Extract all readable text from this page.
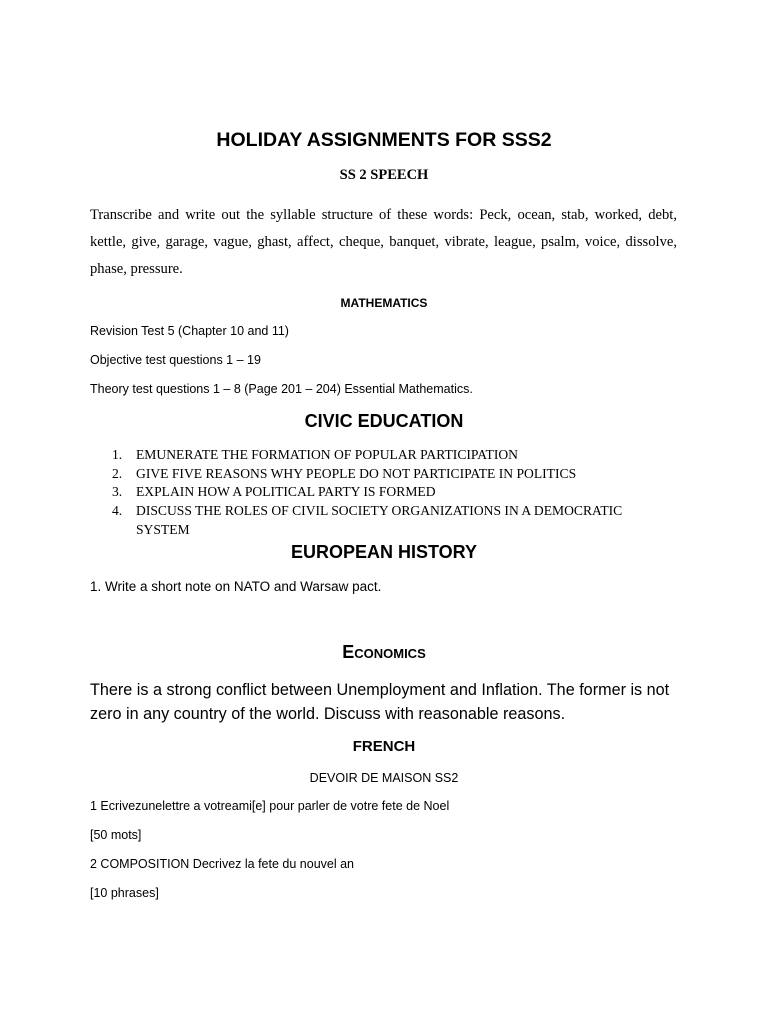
HOLIDAY ASSIGNMENTS FOR SSS2
SS 2 SPEECH
Transcribe and write out the syllable structure of these words: Peck, ocean, stab, worked, debt, kettle, give, garage, vague, ghast, affect, cheque, banquet, vibrate, league, psalm, voice, dissolve, phase, pressure.
MATHEMATICS
Revision Test 5 (Chapter 10 and 11)
Objective test questions 1 – 19
Theory test questions 1 – 8 (Page 201 – 204) Essential Mathematics.
CIVIC EDUCATION
1. EMUNERATE THE FORMATION OF POPULAR PARTICIPATION
2. GIVE FIVE REASONS WHY PEOPLE DO NOT PARTICIPATE IN POLITICS
3. EXPLAIN HOW A POLITICAL PARTY IS FORMED
4. DISCUSS THE ROLES OF CIVIL SOCIETY ORGANIZATIONS IN A DEMOCRATIC SYSTEM
EUROPEAN HISTORY
1. Write a short note on NATO and Warsaw pact.
Economics
There is a strong conflict between Unemployment and Inflation. The former is not zero in any country of the world. Discuss with reasonable reasons.
FRENCH
DEVOIR DE MAISON SS2
1 Ecrivezunelettre a votreami[e] pour parler de votre fete de Noel
[50 mots]
2 COMPOSITION Decrivez la fete du nouvel an
[10 phrases]
